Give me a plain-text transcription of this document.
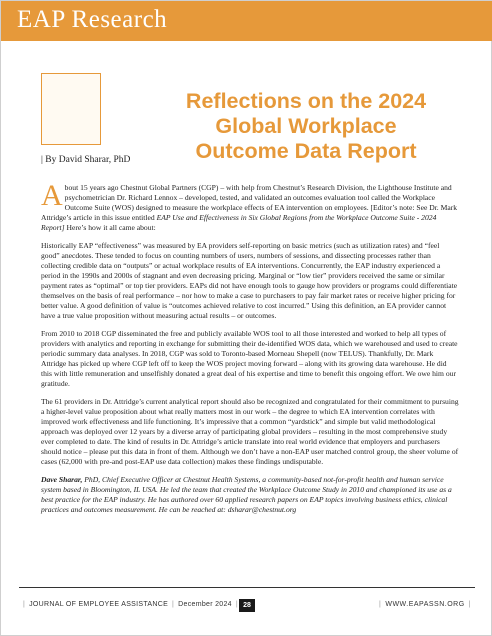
EAP Research
Reflections on the 2024
Global Workplace
Outcome Data Report
| By David Sharar, PhD

About 15 years ago Chestnut Global Partners (CGP) – with help from Chestnut’s Research Division, the Lighthouse Institute and psychometrician Dr. Richard Lennox – developed, tested, and validated an outcomes evaluation tool called the Workplace Outcome Suite (WOS) designed to measure the workplace effects of EA intervention on employees. [Editor’s note: See Dr. Mark Attridge’s article in this issue entitled EAP Use and Effectiveness in Six Global Regions from the Workplace Outcome Suite - 2024 Report] Here’s how it all came about:

Historically EAP “effectiveness” was measured by EA providers self-reporting on basic metrics (such as utilization rates) and “feel good” anecdotes. These tended to focus on counting numbers of users, numbers of sessions, and dissecting processes rather than collecting credible data on “outputs” or actual workplace results of EA interventions. Concurrently, the EAP industry experienced a period in the 1990s and 2000s of stagnant and even decreasing pricing. Marginal or “low tier” providers received the same or similar payment rates as “optimal” or top tier providers. EAPs did not have enough tools to gauge how providers or programs could differentiate themselves on the basis of real performance – nor how to make a case to purchasers to pay fair market rates or receive higher pricing for better value. A good definition of value is “outcomes achieved relative to cost incurred.” Using this definition, an EA provider cannot have a true value proposition without measuring actual results – or outcomes.

From 2010 to 2018 CGP disseminated the free and publicly available WOS tool to all those interested and worked to help all types of providers with analytics and reporting in exchange for submitting their de-identified WOS data, which we warehoused and used to create periodic summary data analyses. In 2018, CGP was sold to Toronto-based Morneau Shepell (now TELUS). Thankfully, Dr. Mark Attridge has picked up where CGP left off to keep the WOS project moving forward – along with its growing data warehouse. He did this with little remuneration and unselfishly donated a great deal of his expertise and time to benefit this ongoing effort. We owe him our gratitude.

The 61 providers in Dr. Attridge’s current analytical report should also be recognized and congratulated for their commitment to pursuing a higher-level value proposition about what really matters most in our work – the degree to which EA intervention correlates with improved work effectiveness and life functioning. It’s impressive that a common “yardstick” and simple but valid methodological approach was deployed over 12 years by a diverse array of participating global providers – resulting in the most comprehensive study ever completed to date. The kind of results in Dr. Attridge’s article translate into real world evidence that employers and purchasers should notice – please put this data in front of them. Although we don’t have a non-EAP user matched control group, the sheer volume of cases (62,000 with pre-and post-EAP use data collection) makes these findings undisputable.

Dave Sharar, PhD, Chief Executive Officer at Chestnut Health Systems, a community-based not-for-profit health and human service system based in Bloomington, IL USA. He led the team that created the Workplace Outcome Study in 2010 and championed its use as a best practice for the EAP industry. He has authored over 60 applied research papers on EAP topics involving business ethics, clinical practices and outcomes measurement. He can be reached at: dsharar@chestnut.org

| JOURNAL OF EMPLOYEE ASSISTANCE | December 2024 | 28	| WWW.EAPASSN.ORG |
